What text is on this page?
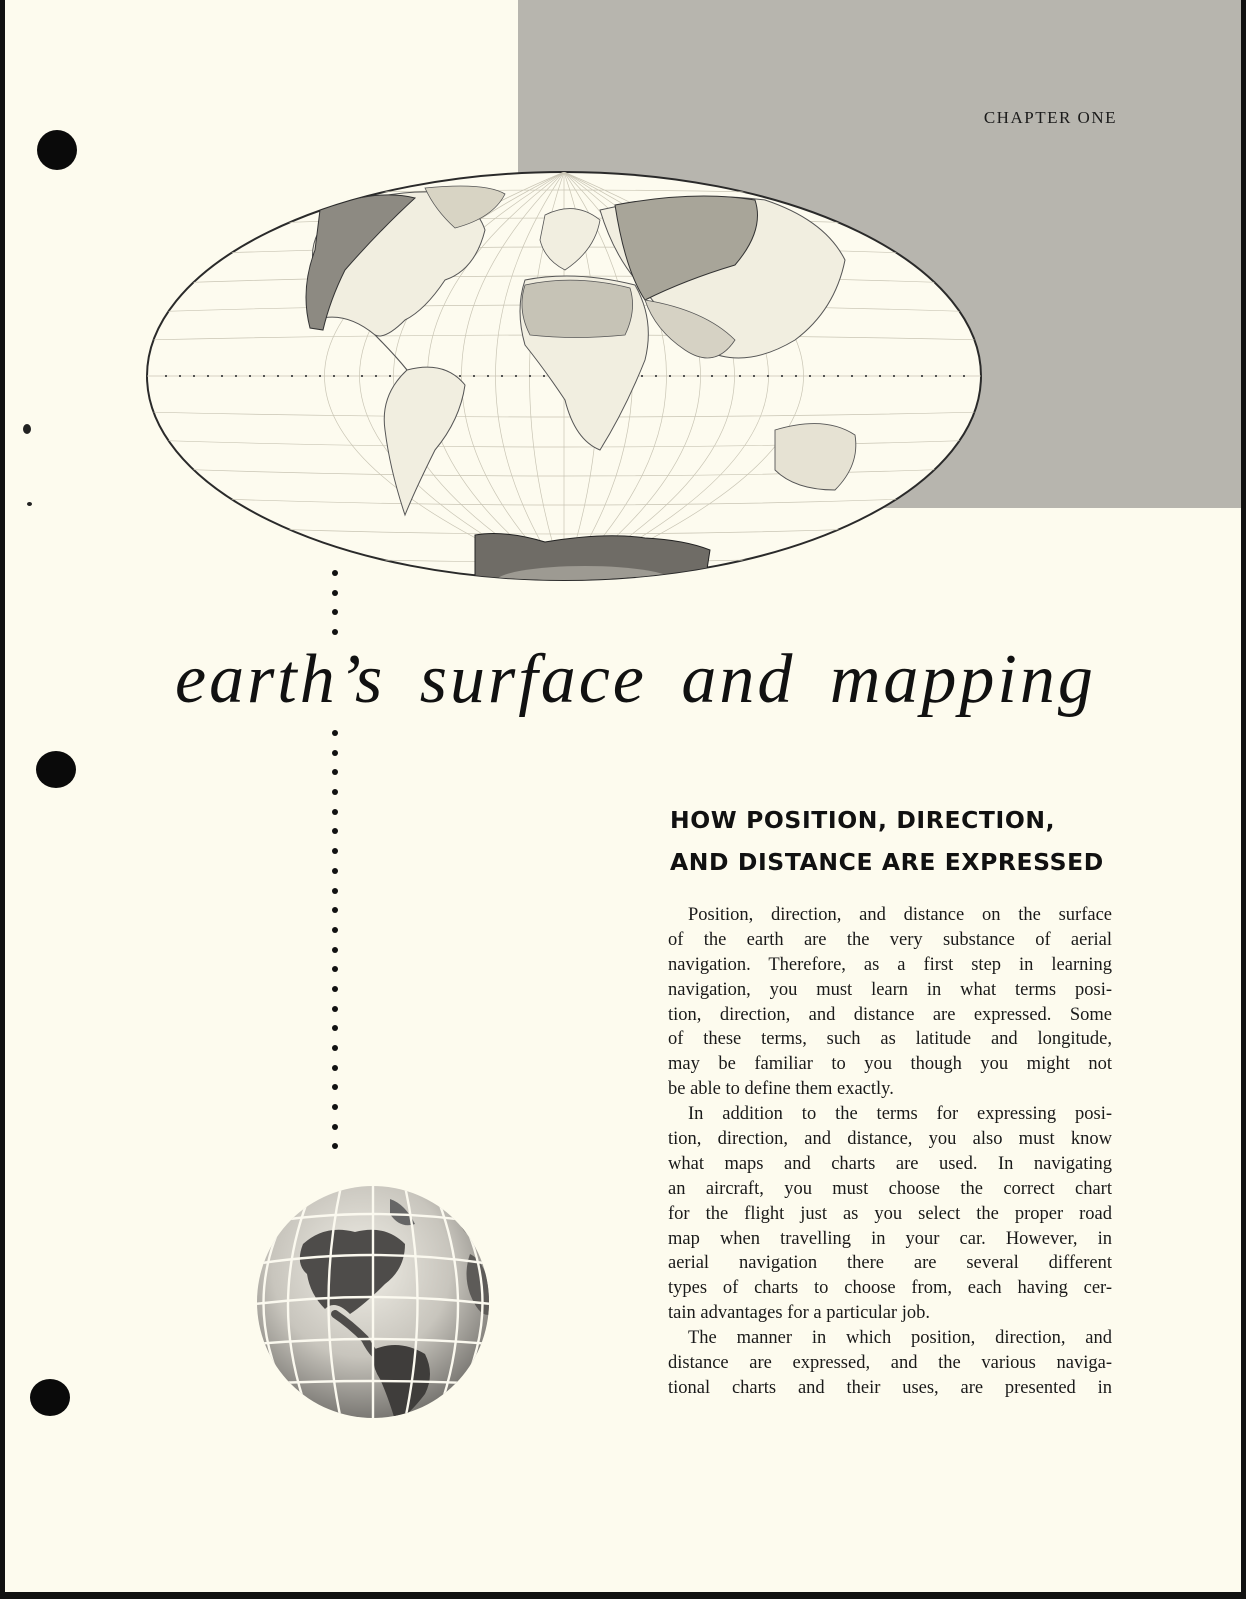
CHAPTER ONE
earth’s surface and mapping
HOW POSITION, DIRECTION,
AND DISTANCE ARE EXPRESSED
Position, direction, and distance on the surface
of the earth are the very substance of aerial
navigation. Therefore, as a first step in learning
navigation, you must learn in what terms posi-
tion, direction, and distance are expressed. Some
of these terms, such as latitude and longitude,
may be familiar to you though you might not
be able to define them exactly.
In addition to the terms for expressing posi-
tion, direction, and distance, you also must know
what maps and charts are used. In navigating
an aircraft, you must choose the correct chart
for the flight just as you select the proper road
map when travelling in your car. However, in
aerial navigation there are several different
types of charts to choose from, each having cer-
tain advantages for a particular job.
The manner in which position, direction, and
distance are expressed, and the various naviga-
tional charts and their uses, are presented in
